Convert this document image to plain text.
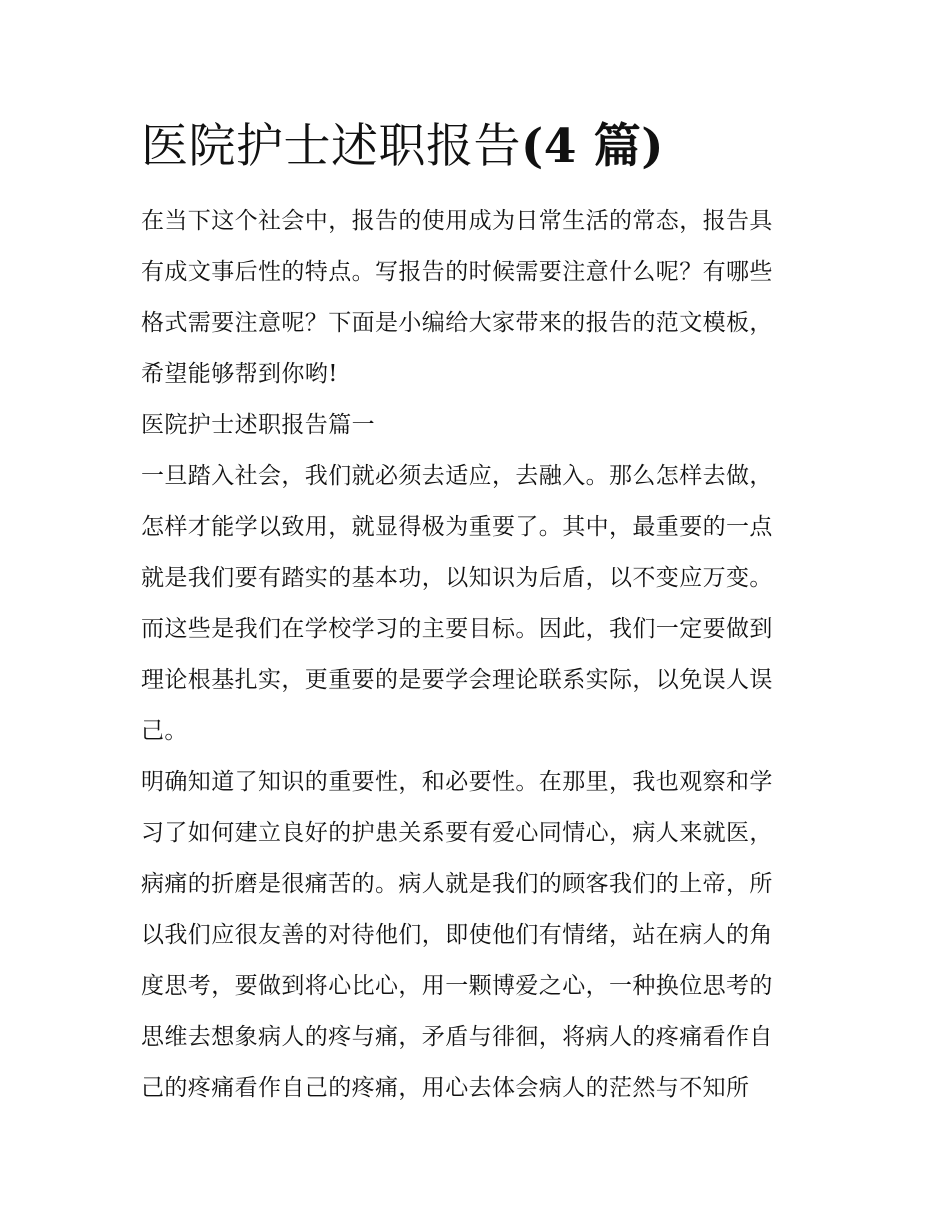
医院护士述职报告(4 篇)
在当下这个社会中，报告的使用成为日常生活的常态，报告具
有成文事后性的特点。写报告的时候需要注意什么呢？有哪些
格式需要注意呢？下面是小编给大家带来的报告的范文模板，
希望能够帮到你哟!
医院护士述职报告篇一
一旦踏入社会，我们就必须去适应，去融入。那么怎样去做，
怎样才能学以致用，就显得极为重要了。其中，最重要的一点
就是我们要有踏实的基本功，以知识为后盾，以不变应万变。
而这些是我们在学校学习的主要目标。因此，我们一定要做到
理论根基扎实，更重要的是要学会理论联系实际，以免误人误
己。
明确知道了知识的重要性，和必要性。在那里，我也观察和学
习了如何建立良好的护患关系要有爱心同情心，病人来就医，
病痛的折磨是很痛苦的。病人就是我们的顾客我们的上帝，所
以我们应很友善的对待他们，即使他们有情绪，站在病人的角
度思考，要做到将心比心，用一颗博爱之心，一种换位思考的
思维去想象病人的疼与痛，矛盾与徘徊，将病人的疼痛看作自
己的疼痛看作自己的疼痛，用心去体会病人的茫然与不知所
